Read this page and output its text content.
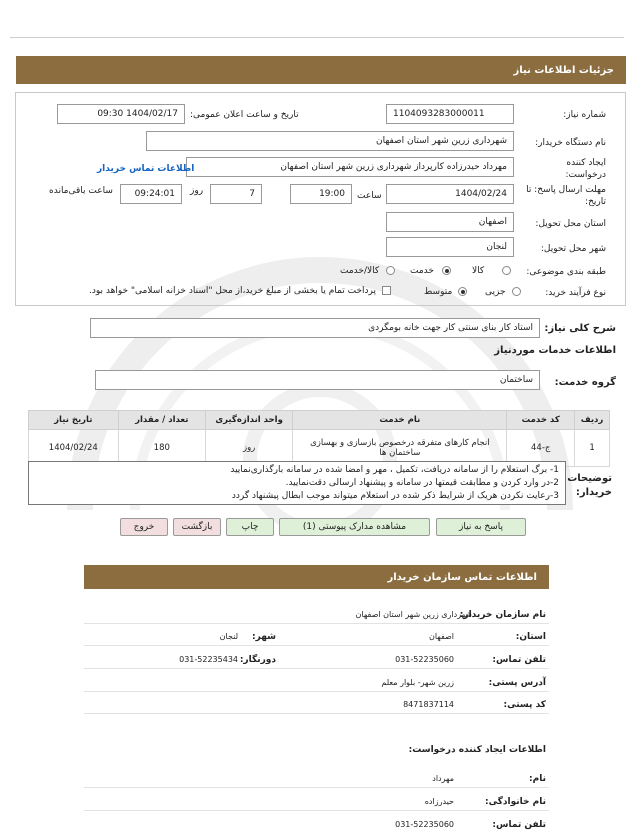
جزئیات اطلاعات نیاز
شماره نیاز:
1104093283000011
تاریخ و ساعت اعلان عمومی:
1404/02/17 09:30
نام دستگاه خریدار:
شهرداری زرین شهر استان اصفهان
ایجاد کننده درخواست:
مهرداد حیدرزاده کارپرداز شهرداری زرین شهر استان اصفهان
اطلاعات تماس خریدار
مهلت ارسال پاسخ: تا تاریخ:
1404/02/24
ساعت
19:00
7
روز
09:24:01
ساعت باقی‌مانده
استان محل تحویل:
اصفهان
شهر محل تحویل:
لنجان
طبقه بندی موضوعی:
کالا
خدمت
کالا/خدمت
نوع فرآیند خرید:
جزیی
متوسط
پرداخت تمام یا بخشی از مبلغ خرید،از محل "اسناد خزانه اسلامی" خواهد بود.
شرح کلی نیاز:
استاد کار بنای سنتی کار جهت خانه بومگردی
اطلاعات خدمات موردنیاز
گروه خدمت:
ساختمان
ردیف	کد خدمت	نام خدمت	واحد اندازه‌گیری	تعداد / مقدار	تاریخ نیاز
1	ج-44	انجام کارهای متفرقه درخصوص بازسازی و بهسازی ساختمان ها	روز	180	1404/02/24
توضیحات خریدار:
1- برگ استعلام را از سامانه دریافت، تکمیل ، مهر و امضا شده در سامانه بارگذاری‌نمایید
2-در وارد کردن و مطابقت قیمتها در سامانه و پیشنهاد ارسالی دقت‌نمایید.
3-رعایت نکردن هریک از شرایط ذکر شده در استعلام میتواند موجب ابطال پیشنهاد گردد
پاسخ به نیاز
مشاهده مدارک پیوستی (1)
چاپ
بازگشت
خروج
اطلاعات تماس سازمان خریدار
نام سازمان خریدار:
شهرداری زرین شهر استان اصفهان
استان:
اصفهان
شهر:
لنجان
تلفن تماس:
031-52235060
دورنگار:
031-52235434
آدرس پستی:
زرین شهر- بلوار معلم
کد پستی:
8471837114
اطلاعات ایجاد کننده درخواست:
نام:
مهرداد
نام خانوادگی:
حیدرزاده
تلفن تماس:
031-52235060
